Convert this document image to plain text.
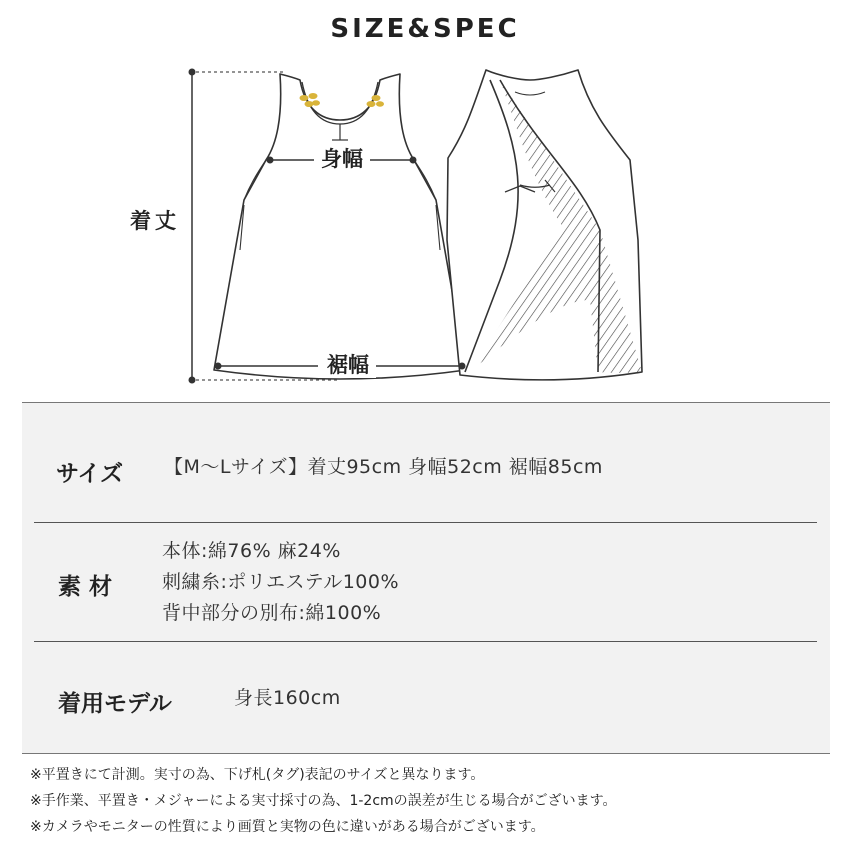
SIZE&SPEC
着丈
身幅
裾幅
サイズ 【M〜Lサイズ】着丈95cm 身幅52cm 裾幅85cm
素 材
本体:綿76% 麻24%
刺繍糸:ポリエステル100%
背中部分の別布:綿100%
着用モデル	身長160cm
※平置きにて計測。実寸の為、下げ札(タグ)表記のサイズと異なります。
※手作業、平置き・メジャーによる実寸採寸の為、1-2cmの誤差が生じる場合がございます。
※カメラやモニターの性質により画質と実物の色に違いがある場合がございます。
